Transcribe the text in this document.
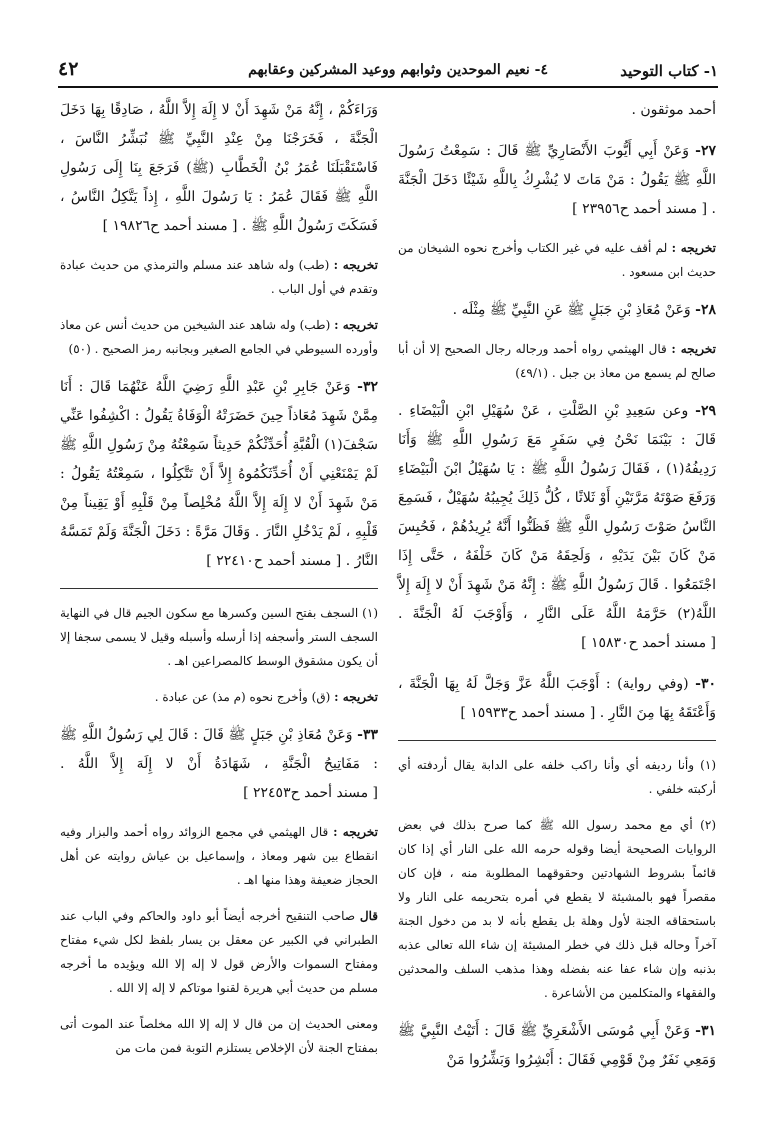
١- كتاب التوحيد
٤- نعيم الموحدين وثوابهم ووعيد المشركين وعقابهم
٤٢
أحمد موثقون .
٢٧- وَعَنْ أَبِي أَيُّوبَ الأَنْصَارِيِّ ﷺ قَالَ : سَمِعْتُ رَسُولَ اللَّهِ ﷺ يَقُولُ : مَنْ مَاتَ لا يُشْرِكُ بِاللَّهِ شَيْئًا دَخَلَ الْجَنَّةَ . [ مسند أحمد ح٢٣٩٥٦ ]
تخريجه : لم أقف عليه في غير الكتاب وأخرج نحوه الشيخان من حديث ابن مسعود .
٢٨- وَعَنْ مُعَاذِ بْنِ جَبَلٍ ﷺ عَنِ النَّبِيِّ ﷺ مِثْلَه .
تخريجه : قال الهيثمي رواه أحمد ورجاله رجال الصحيح إلا أن أبا صالح لم يسمع من معاذ بن جبل . (٤٩/١)
٢٩- وعن سَعِيدِ بْنِ الصَّلْتِ ، عَنْ سُهَيْلِ ابْنِ الْبَيْضَاءِ . قَالَ : بَيْنَمَا نَحْنُ فِي سَفَرٍ مَعَ رَسُولِ اللَّهِ ﷺ وَأَنَا رَدِيفُهُ(١) ، فَقَالَ رَسُولُ اللَّهِ ﷺ : يَا سُهَيْلُ ابْنَ الْبَيْضَاءِ وَرَفَعَ صَوْتَهُ مَرَّتَيْنِ أَوْ ثَلاثًا ، كُلُّ ذَلِكَ يُجِيبُهُ سُهَيْلٌ ، فَسَمِعَ النَّاسُ صَوْتَ رَسُولِ اللَّهِ ﷺ فَظَنُّوا أَنَّهُ يُرِيدُهُمْ ، فَحُبِسَ مَنْ كَانَ بَيْنَ يَدَيْهِ ، وَلَحِقَهُ مَنْ كَانَ خَلْفَهُ ، حَتَّى إِذَا اجْتَمَعُوا . قَالَ رَسُولُ اللَّهِ ﷺ : إِنَّهُ مَنْ شَهِدَ أَنْ لا إِلَهَ إِلاَّ اللَّهُ(٢) حَرَّمَهُ اللَّهُ عَلَى النَّارِ ، وَأَوْجَبَ لَهُ الْجَنَّةَ . [ مسند أحمد ح١٥٨٣٠ ]
٣٠- (وفي رواية) : أَوْجَبَ اللَّهُ عَزَّ وَجَلَّ لَهُ بِهَا الْجَنَّةَ ، وَأَعْتَقَهُ بِهَا مِنَ النَّارِ . [ مسند أحمد ح١٥٩٣٣ ]
(١) وأنا رديفه أي وأنا راكب خلفه على الدابة يقال أردفته أي أركبته خلفي .
(٢) أي مع محمد رسول الله ﷺ كما صرح بذلك في بعض الروايات الصحيحة أيضا وقوله حرمه الله على النار أي إذا كان قائماً بشروط الشهادتين وحقوقهما المطلوبة منه ، فإن كان مقصراً فهو بالمشيئة لا يقطع في أمره بتحريمه على النار ولا باستحقاقه الجنة لأول وهلة بل يقطع بأنه لا بد من دخول الجنة آخراً وحاله قبل ذلك في خطر المشيئة إن شاء الله تعالى عذبه بذنبه وإن شاء عفا عنه بفضله وهذا مذهب السلف والمحدثين والفقهاء والمتكلمين من الأشاعرة .
٣١- وَعَنْ أَبِي مُوسَى الأَشْعَرِيِّ ﷺ قَالَ : أَتَيْتُ النَّبِيَّ ﷺ وَمَعِي نَفَرٌ مِنْ قَوْمِي فَقَالَ : أَبْشِرُوا وَبَشِّرُوا مَنْ
وَرَاءَكُمْ ، إِنَّهُ مَنْ شَهِدَ أَنْ لا إِلَهَ إِلاَّ اللَّهُ ، صَادِقًا بِهَا دَخَلَ الْجَنَّةَ ، فَخَرَجْنَا مِنْ عِنْدِ النَّبِيِّ ﷺ نُبَشِّرُ النَّاسَ ، فَاسْتَقْبَلَنَا عُمَرُ بْنُ الْخَطَّابِ (ﷺ) فَرَجَعَ بِنَا إِلَى رَسُولِ اللَّهِ ﷺ فَقَالَ عُمَرُ : يَا رَسُولَ اللَّهِ ، إِذاً يَتَّكِلُ النَّاسُ ، فَسَكَتَ رَسُولُ اللَّهِ ﷺ . [ مسند أحمد ح١٩٨٢٦ ]
تخريجه : (طب) وله شاهد عند مسلم والترمذي من حديث عبادة وتقدم في أول الباب .
تخريجه : (طب) وله شاهد عند الشيخين من حديث أنس عن معاذ وأورده السيوطي في الجامع الصغير وبجانبه رمز الصحيح . (٥٠)
٣٢- وَعَنْ جَابِرِ بْنِ عَبْدِ اللَّهِ رَضِيَ اللَّهُ عَنْهُمَا قَالَ : أَنَا مِمَّنْ شَهِدَ مُعَاذاً حِينَ حَضَرَتْهُ الْوَفَاةُ يَقُولُ : اكْشِفُوا عَنِّي سَجْفَ(١) الْقُبَّةِ أُحَدِّثْكُمْ حَدِيثاً سَمِعْتُهُ مِنْ رَسُولِ اللَّهِ ﷺ لَمْ يَمْنَعْنِي أَنْ أُحَدِّثَكُمُوهُ إِلاَّ أَنْ تَتَّكِلُوا ، سَمِعْتُهُ يَقُولُ : مَنْ شَهِدَ أَنْ لا إِلَهَ إِلاَّ اللَّهُ مُخْلِصاً مِنْ قَلْبِهِ أَوْ يَقِيناً مِنْ قَلْبِهِ ، لَمْ يَدْخُلِ النَّارَ . وَقَالَ مَرَّةً : دَخَلَ الْجَنَّةَ وَلَمْ تَمَسَّهُ النَّارُ . [ مسند أحمد ح٢٢٤١٠ ]
(١) السجف بفتح السين وكسرها مع سكون الجيم قال في النهاية السجف الستر وأسجفه إذا أرسله وأسبله وقيل لا يسمى سجفا إلا أن يكون مشقوق الوسط كالمصراعين اهـ .
تخريجه : (ق) وأخرج نحوه (م مذ) عن عبادة .
٣٣- وَعَنْ مُعَاذِ بْنِ جَبَلٍ ﷺ قَالَ : قَالَ لِي رَسُولُ اللَّهِ ﷺ : مَفَاتِيحُ الْجَنَّةِ ، شَهَادَةُ أَنْ لا إِلَهَ إِلاَّ اللَّهُ . [ مسند أحمد ح٢٢٤٥٣ ]
تخريجه : قال الهيثمي في مجمع الزوائد رواه أحمد والبزار وفيه انقطاع بين شهر ومعاذ ، وإسماعيل بن عياش روايته عن أهل الحجاز ضعيفة وهذا منها اهـ .
قال صاحب التنقيح أخرجه أيضاً أبو داود والحاكم وفي الباب عند الطبراني في الكبير عن معقل بن يسار بلفظ لكل شيء مفتاح ومفتاح السموات والأرض قول لا إله إلا الله ويؤيده ما أخرجه مسلم من حديث أبي هريرة لقنوا موتاكم لا إله إلا الله .
ومعنى الحديث إن من قال لا إله إلا الله مخلصاً عند الموت أتى بمفتاح الجنة لأن الإخلاص يستلزم التوبة فمن مات من
